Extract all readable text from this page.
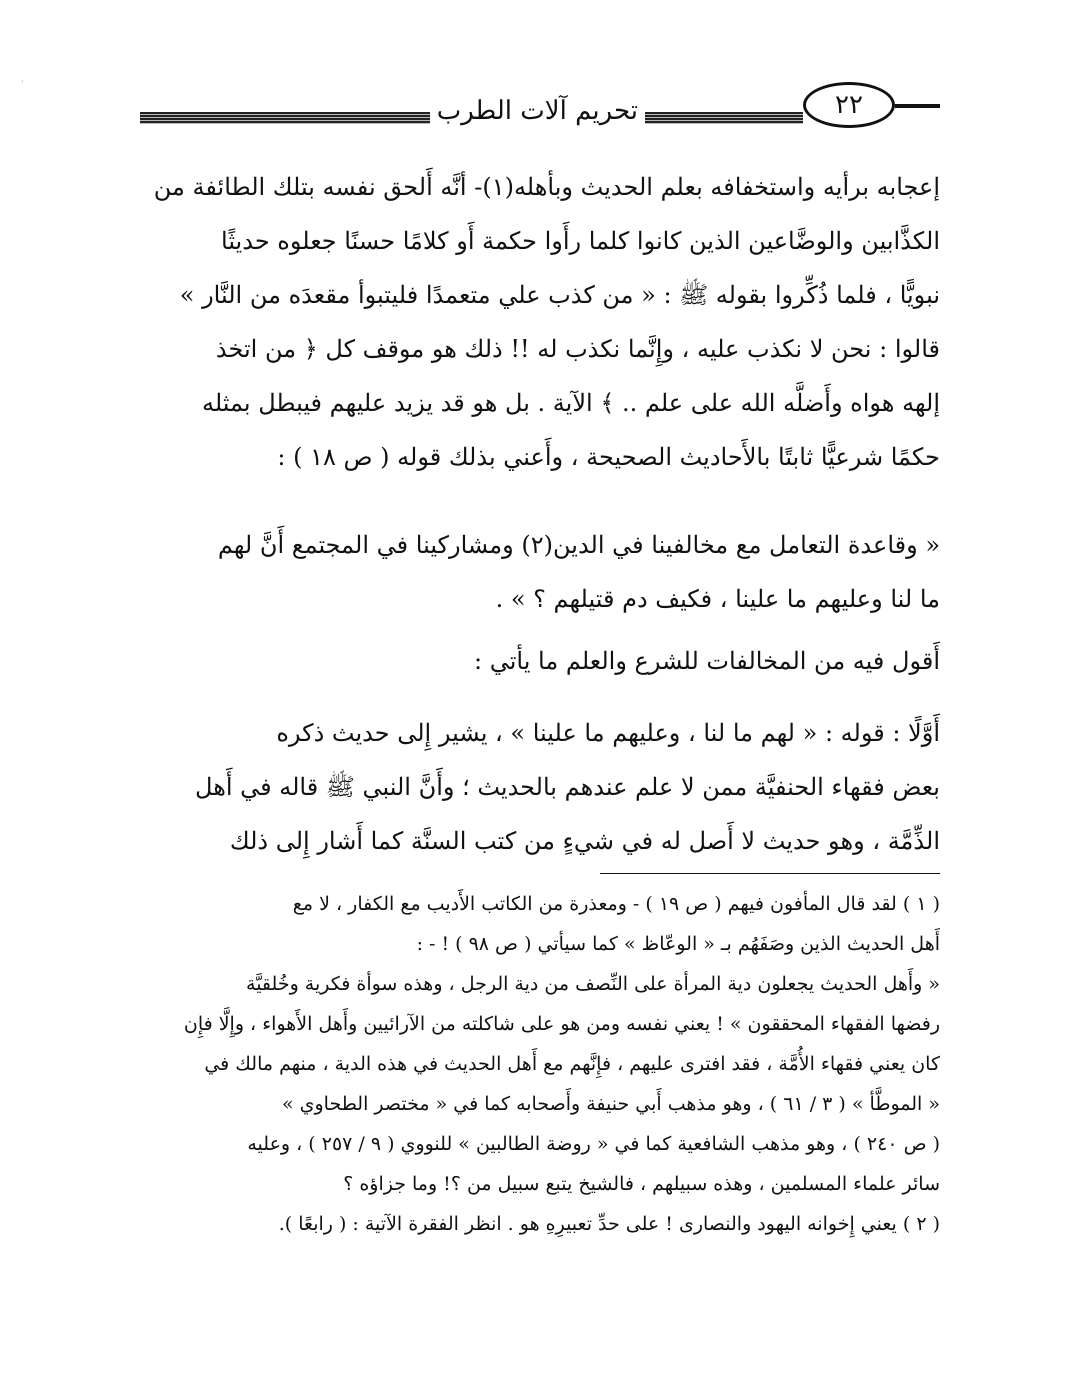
تحريم آلات الطرب	٢٢
إعجابه برأيه واستخفافه بعلم الحديث وبأهله(١)- أنَّه أَلحق نفسه بتلك الطائفة من
الكذَّابين والوضَّاعين الذين كانوا كلما رأَوا حكمة أَو كلامًا حسنًا جعلوه حديثًا
نبويًّا ، فلما ذُكِّروا بقوله ﷺ : « من كذب علي متعمدًا فليتبوأ مقعدَه من النَّار »
قالوا : نحن لا نكذب عليه ، وإِنَّما نكذب له !! ذلك هو موقف كل ﴿ من اتخذ
إلهه هواه وأَضلَّه الله على علم .. ﴾ الآية . بل هو قد يزيد عليهم فيبطل بمثله
حكمًا شرعيًّا ثابتًا بالأَحاديث الصحيحة ، وأَعني بذلك قوله ( ص ١٨ ) :
« وقاعدة التعامل مع مخالفينا في الدين(٢) ومشاركينا في المجتمع أَنَّ لهم
ما لنا وعليهم ما علينا ، فكيف دم قتيلهم ؟ » .
أَقول فيه من المخالفات للشرع والعلم ما يأتي :
أَوَّلًا : قوله : « لهم ما لنا ، وعليهم ما علينا » ، يشير إِلى حديث ذكره
بعض فقهاء الحنفيَّة ممن لا علم عندهم بالحديث ؛ وأَنَّ النبي ﷺ قاله في أَهل
الذِّمَّة ، وهو حديث لا أَصل له في شيءٍ من كتب السنَّة كما أَشار إِلى ذلك
( ١ ) لقد قال المأفون فيهم ( ص ١٩ ) - ومعذرة من الكاتب الأَديب مع الكفار ، لا مع
أَهل الحديث الذين وصَفَهُم بـ « الوعّاظ » كما سيأتي ( ص ٩٨ ) ! - :
« وأَهل الحديث يجعلون دية المرأة على النِّصف من دية الرجل ، وهذه سوأة فكرية وخُلقيَّة
رفضها الفقهاء المحققون » ! يعني نفسه ومن هو على شاكلته من الآرائيين وأَهل الأَهواء ، وإِلَّا فإِن
كان يعني فقهاء الأُمَّة ، فقد افترى عليهم ، فإِنَّهم مع أَهل الحديث في هذه الدية ، منهم مالك في
« الموطَّأ » ( ٣ / ٦١ ) ، وهو مذهب أَبي حنيفة وأَصحابه كما في « مختصر الطحاوي »
( ص ٢٤٠ ) ، وهو مذهب الشافعية كما في « روضة الطالبين » للنووي ( ٩ / ٢٥٧ ) ، وعليه
سائر علماء المسلمين ، وهذه سبيلهم ، فالشيخ يتبع سبيل من ؟! وما جزاؤه ؟
( ٢ ) يعني إِخوانه اليهود والنصارى ! على حدِّ تعبيرِهِ هو . انظر الفقرة الآتية : ( رابعًا ).
